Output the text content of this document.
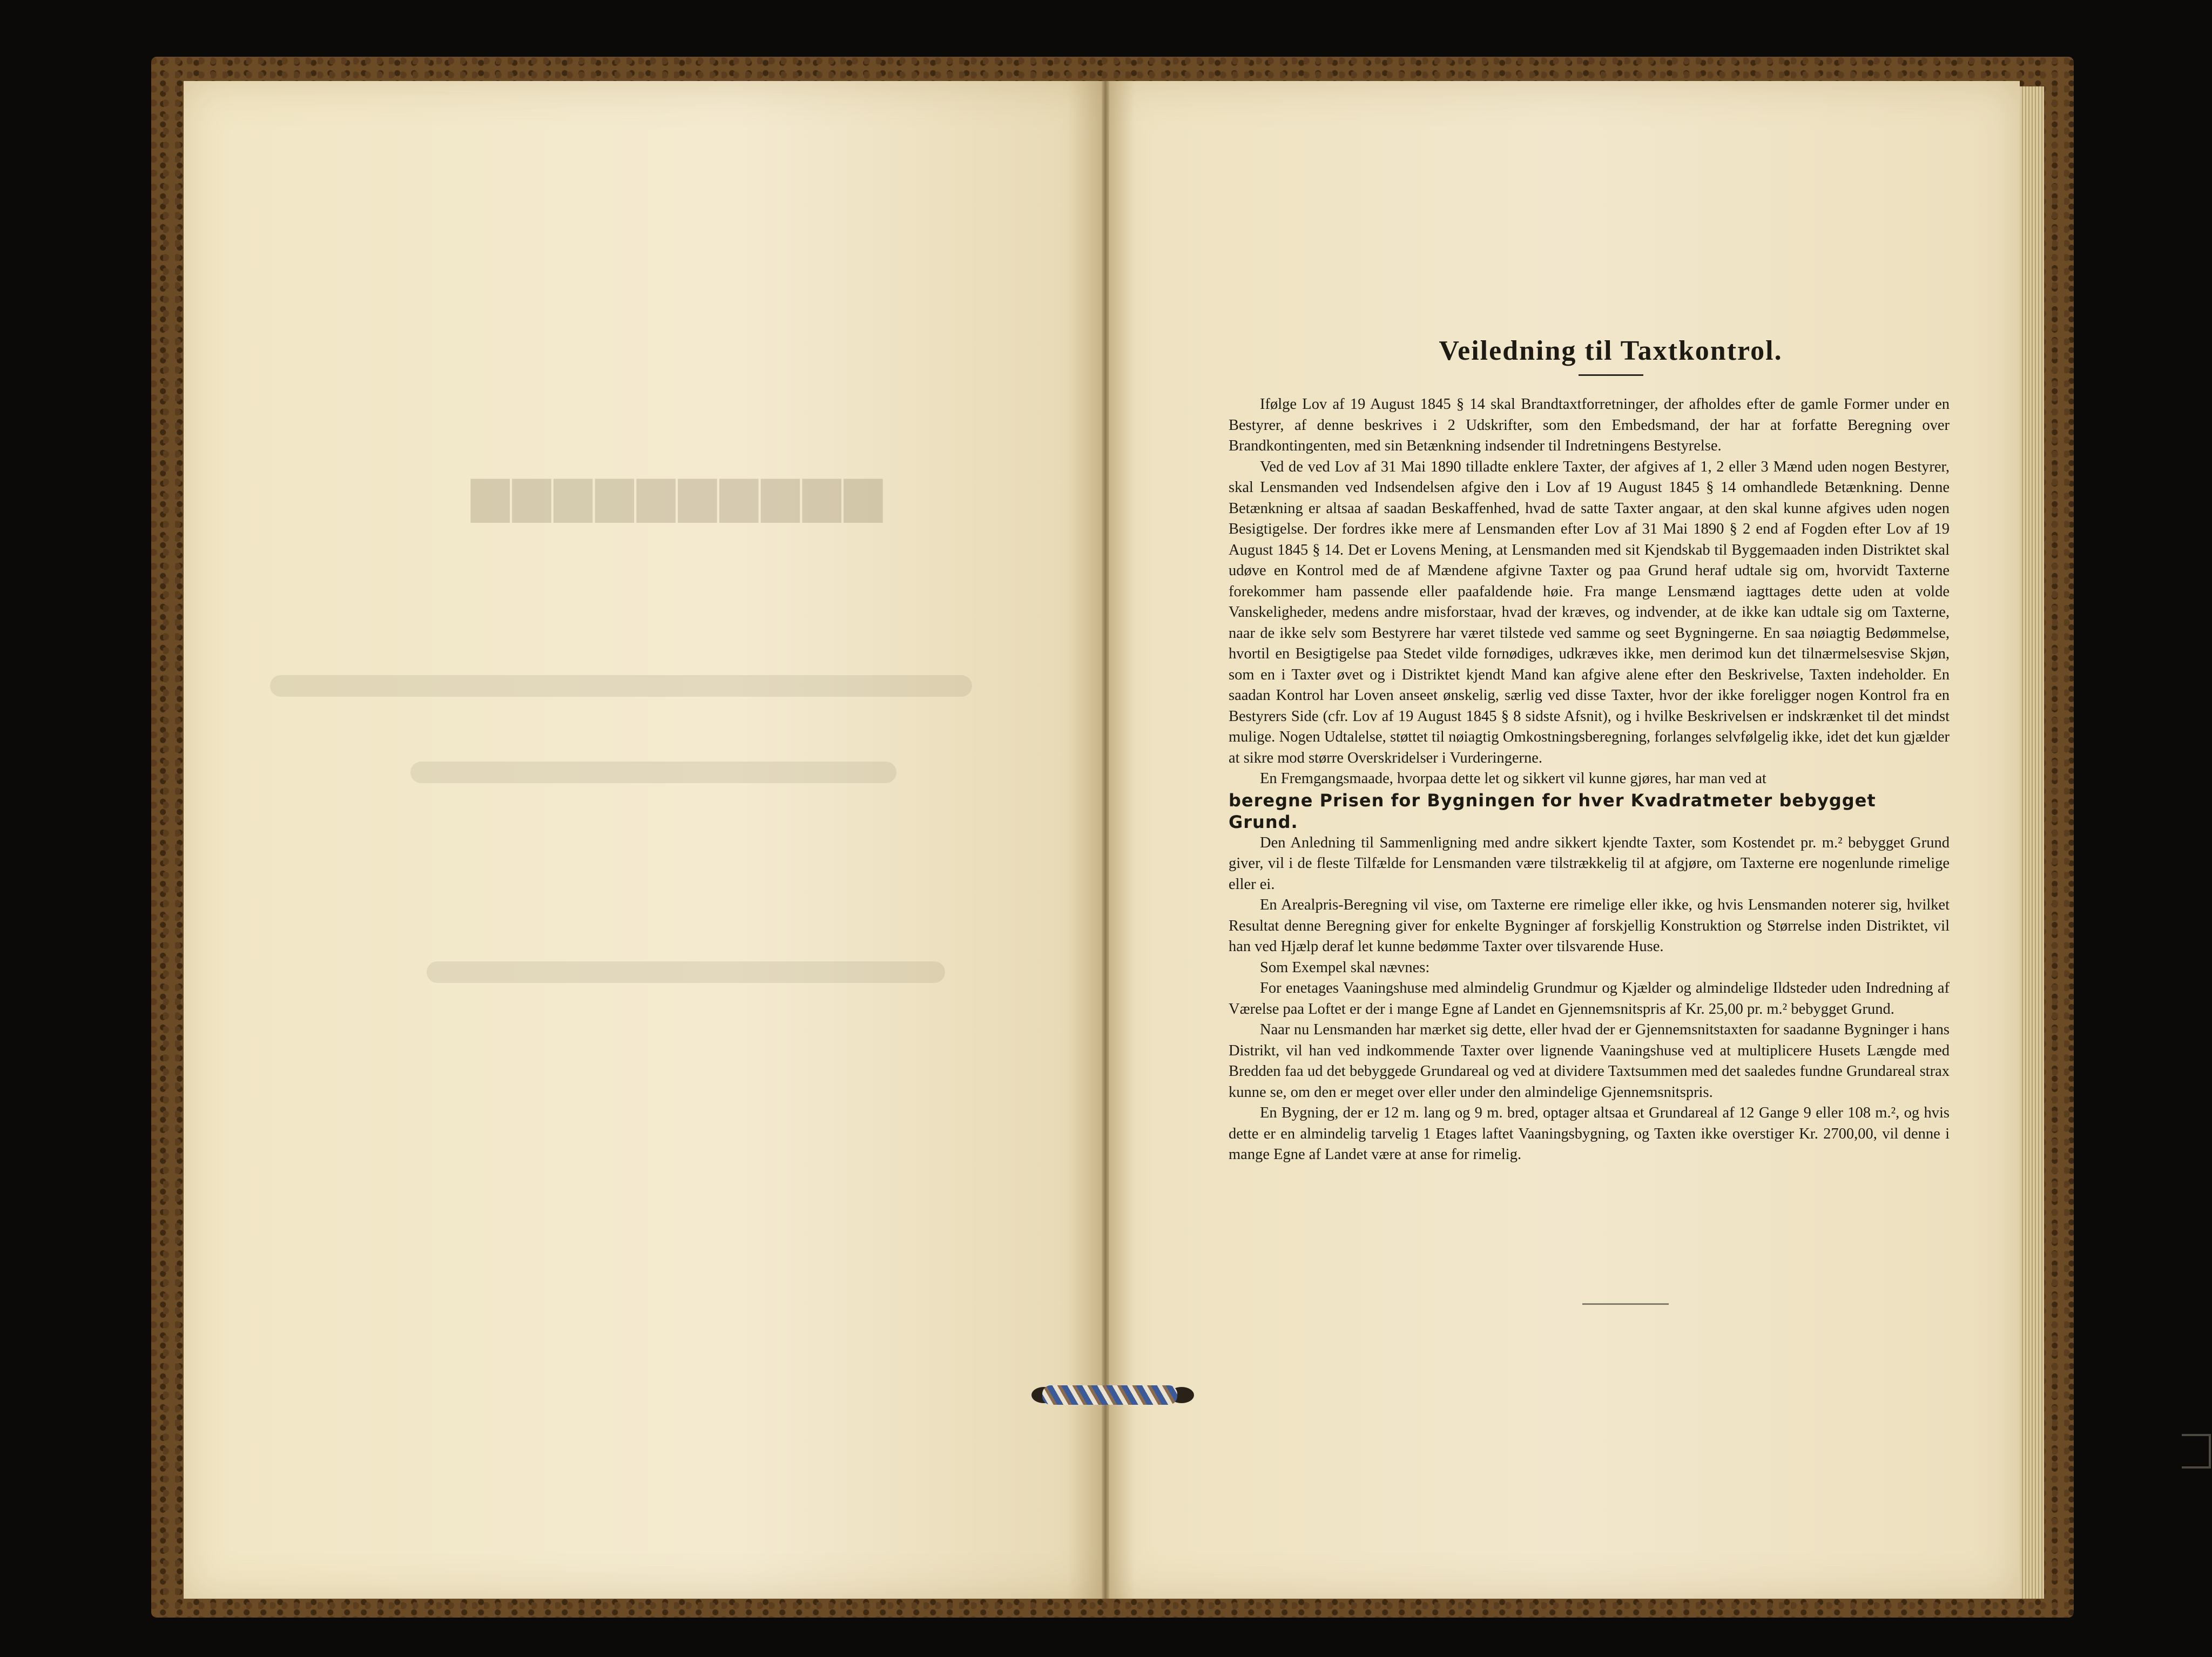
▆▆▆▆▆▆▆▆▆▆
Veiledning til Taxtkontrol.

Ifølge Lov af 19 August 1845 § 14 skal Brandtaxtforretninger, der afholdes efter de gamle Former under en Bestyrer, af denne beskrives i 2 Udskrifter, som den Embedsmand, der har at forfatte Beregning over Brandkontingenten, med sin Betænkning indsender til Indretningens Bestyrelse.

Ved de ved Lov af 31 Mai 1890 tilladte enklere Taxter, der afgives af 1, 2 eller 3 Mænd uden nogen Bestyrer, skal Lensmanden ved Indsendelsen afgive den i Lov af 19 August 1845 § 14 omhandlede Betænkning. Denne Betænkning er altsaa af saadan Beskaffenhed, hvad de satte Taxter angaar, at den skal kunne afgives uden nogen Besigtigelse. Der fordres ikke mere af Lensmanden efter Lov af 31 Mai 1890 § 2 end af Fogden efter Lov af 19 August 1845 § 14. Det er Lovens Mening, at Lensmanden med sit Kjendskab til Byggemaaden inden Distriktet skal udøve en Kontrol med de af Mændene afgivne Taxter og paa Grund heraf udtale sig om, hvorvidt Taxterne forekommer ham passende eller paafaldende høie. Fra mange Lensmænd iagttages dette uden at volde Vanskeligheder, medens andre misforstaar, hvad der kræves, og indvender, at de ikke kan udtale sig om Taxterne, naar de ikke selv som Bestyrere har været tilstede ved samme og seet Bygningerne. En saa nøiagtig Bedømmelse, hvortil en Besigtigelse paa Stedet vilde fornødiges, udkræves ikke, men derimod kun det tilnærmelsesvise Skjøn, som en i Taxter øvet og i Distriktet kjendt Mand kan afgive alene efter den Beskrivelse, Taxten indeholder. En saadan Kontrol har Loven anseet ønskelig, særlig ved disse Taxter, hvor der ikke foreligger nogen Kontrol fra en Bestyrers Side (cfr. Lov af 19 August 1845 § 8 sidste Afsnit), og i hvilke Beskrivelsen er indskrænket til det mindst mulige. Nogen Udtalelse, støttet til nøiagtig Omkostningsberegning, forlanges selvfølgelig ikke, idet det kun gjælder at sikre mod større Overskridelser i Vurderingerne.

En Fremgangsmaade, hvorpaa dette let og sikkert vil kunne gjøres, har man ved at

beregne Prisen for Bygningen for hver Kvadratmeter bebygget Grund.

Den Anledning til Sammenligning med andre sikkert kjendte Taxter, som Kostendet pr. m.² bebygget Grund giver, vil i de fleste Tilfælde for Lensmanden være tilstrækkelig til at afgjøre, om Taxterne ere nogenlunde rimelige eller ei.

En Arealpris-Beregning vil vise, om Taxterne ere rimelige eller ikke, og hvis Lensmanden noterer sig, hvilket Resultat denne Beregning giver for enkelte Bygninger af forskjellig Konstruktion og Størrelse inden Distriktet, vil han ved Hjælp deraf let kunne bedømme Taxter over tilsvarende Huse.

Som Exempel skal nævnes:

For enetages Vaaningshuse med almindelig Grundmur og Kjælder og almindelige Ildsteder uden Indredning af Værelse paa Loftet er der i mange Egne af Landet en Gjennemsnitspris af Kr. 25,00 pr. m.² bebygget Grund.

Naar nu Lensmanden har mærket sig dette, eller hvad der er Gjennemsnitstaxten for saadanne Bygninger i hans Distrikt, vil han ved indkommende Taxter over lignende Vaaningshuse ved at multiplicere Husets Længde med Bredden faa ud det bebyggede Grundareal og ved at dividere Taxtsummen med det saaledes fundne Grundareal strax kunne se, om den er meget over eller under den almindelige Gjennemsnitspris.

En Bygning, der er 12 m. lang og 9 m. bred, optager altsaa et Grundareal af 12 Gange 9 eller 108 m.², og hvis dette er en almindelig tarvelig 1 Etages laftet Vaaningsbygning, og Taxten ikke overstiger Kr. 2700,00, vil denne i mange Egne af Landet være at anse for rimelig.
